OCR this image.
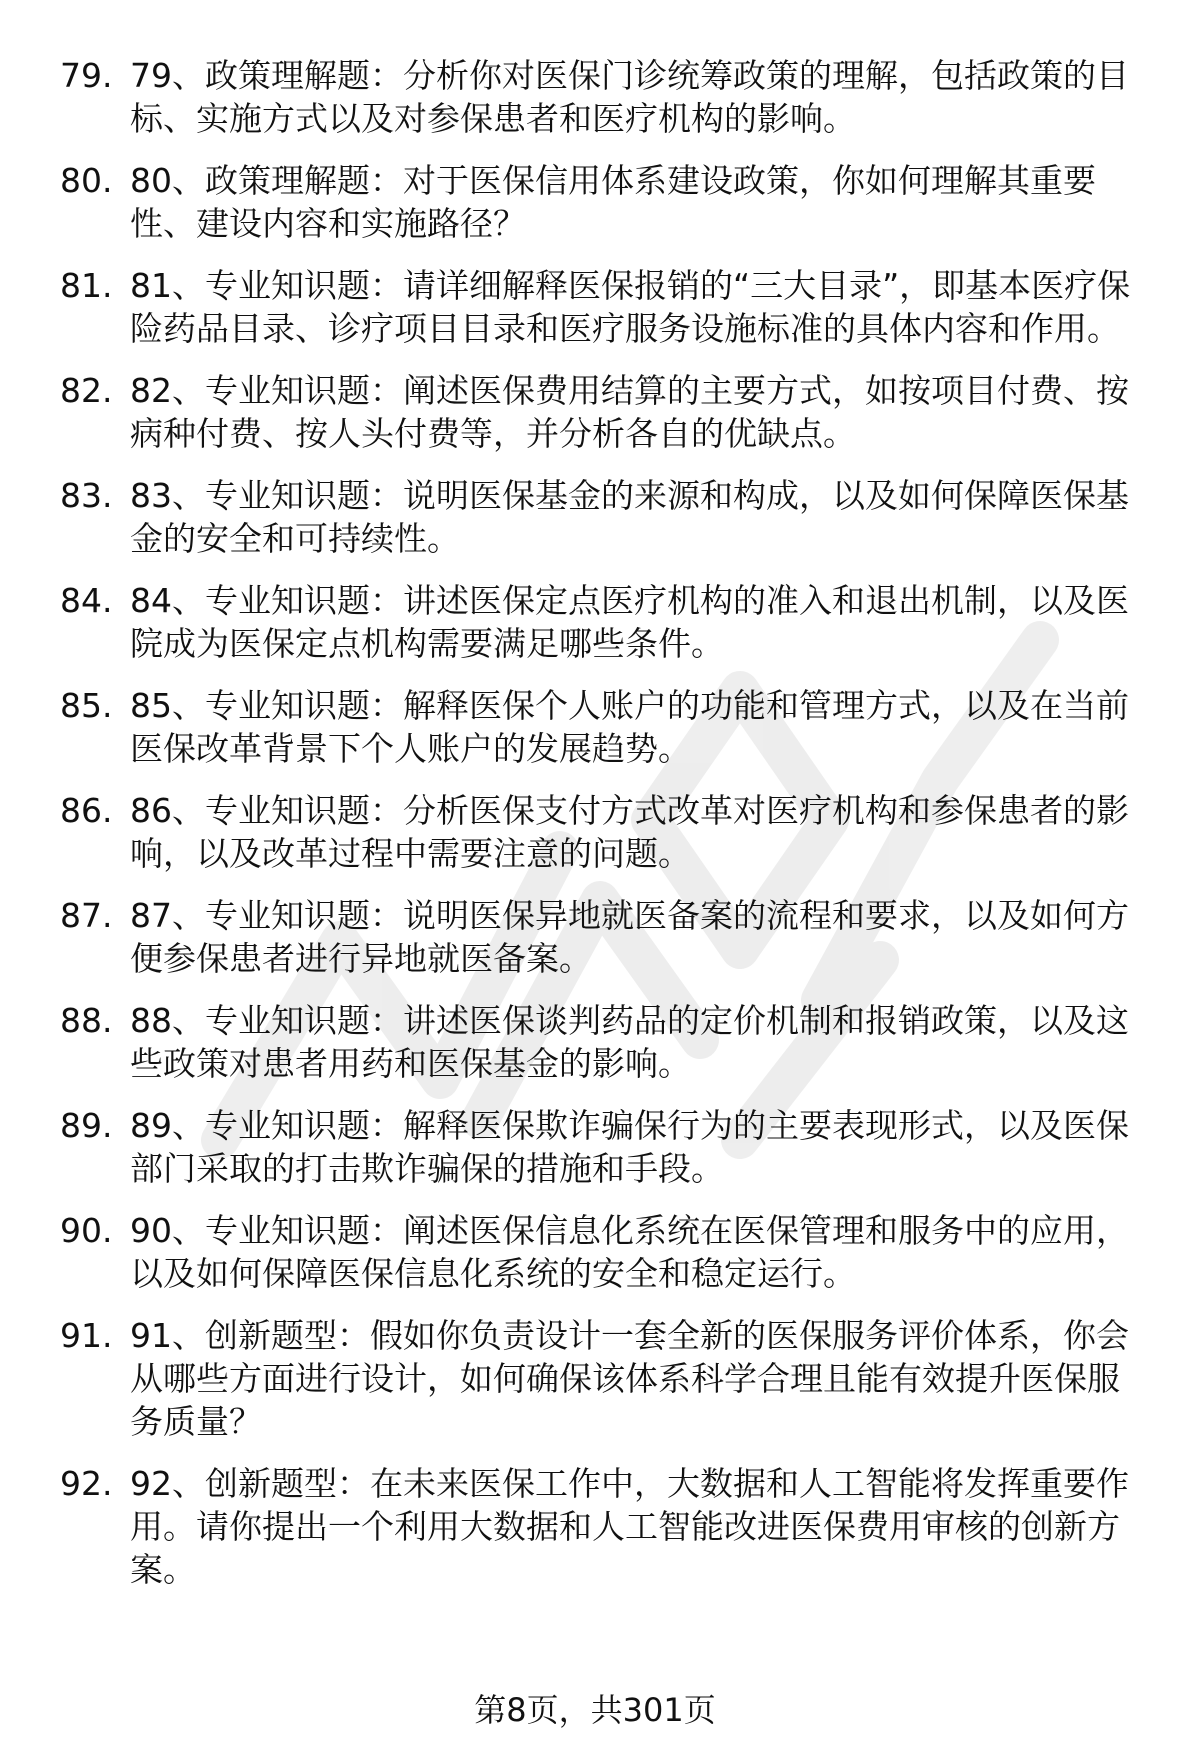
79. 79、政策理解题：分析你对医保门诊统筹政策的理解，包括政策的目标、实施方式以及对参保患者和医疗机构的影响。
80. 80、政策理解题：对于医保信用体系建设政策，你如何理解其重要性、建设内容和实施路径？
81. 81、专业知识题：请详细解释医保报销的“三大目录”，即基本医疗保险药品目录、诊疗项目目录和医疗服务设施标准的具体内容和作用。
82. 82、专业知识题：阐述医保费用结算的主要方式，如按项目付费、按病种付费、按人头付费等，并分析各自的优缺点。
83. 83、专业知识题：说明医保基金的来源和构成，以及如何保障医保基金的安全和可持续性。
84. 84、专业知识题：讲述医保定点医疗机构的准入和退出机制，以及医院成为医保定点机构需要满足哪些条件。
85. 85、专业知识题：解释医保个人账户的功能和管理方式，以及在当前医保改革背景下个人账户的发展趋势。
86. 86、专业知识题：分析医保支付方式改革对医疗机构和参保患者的影响，以及改革过程中需要注意的问题。
87. 87、专业知识题：说明医保异地就医备案的流程和要求，以及如何方便参保患者进行异地就医备案。
88. 88、专业知识题：讲述医保谈判药品的定价机制和报销政策，以及这些政策对患者用药和医保基金的影响。
89. 89、专业知识题：解释医保欺诈骗保行为的主要表现形式，以及医保部门采取的打击欺诈骗保的措施和手段。
90. 90、专业知识题：阐述医保信息化系统在医保管理和服务中的应用，以及如何保障医保信息化系统的安全和稳定运行。
91. 91、创新题型：假如你负责设计一套全新的医保服务评价体系，你会从哪些方面进行设计，如何确保该体系科学合理且能有效提升医保服务质量？
92. 92、创新题型：在未来医保工作中，大数据和人工智能将发挥重要作用。请你提出一个利用大数据和人工智能改进医保费用审核的创新方案。
第8页，共301页
